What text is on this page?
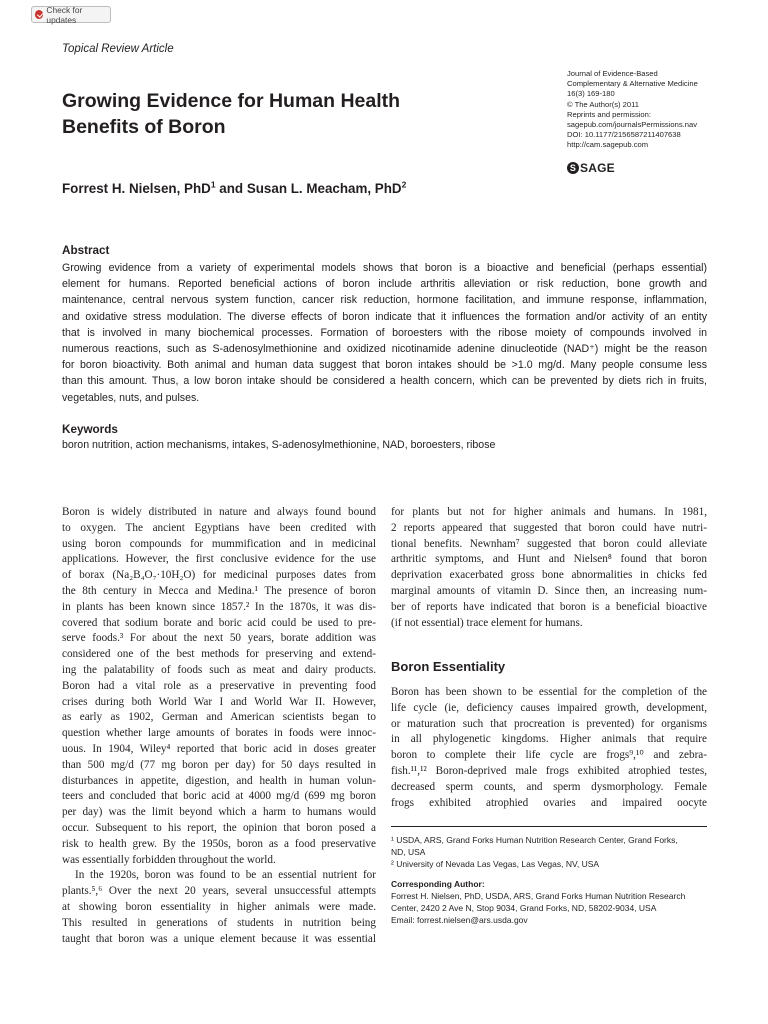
Check for updates
Topical Review Article
Growing Evidence for Human Health
Benefits of Boron
Journal of Evidence-Based
Complementary & Alternative Medicine
16(3) 169-180
© The Author(s) 2011
Reprints and permission:
sagepub.com/journalsPermissions.nav
DOI: 10.1177/2156587211407638
http://cam.sagepub.com
S SAGE
Forrest H. Nielsen, PhD$^1$ and Susan L. Meacham, PhD$^2$
Abstract
Growing evidence from a variety of experimental models shows that boron is a bioactive and beneficial (perhaps essential)
element for humans. Reported beneficial actions of boron include arthritis alleviation or risk reduction, bone growth and
maintenance, central nervous system function, cancer risk reduction, hormone facilitation, and immune response, inflammation,
and oxidative stress modulation. The diverse effects of boron indicate that it influences the formation and/or activity of an entity
that is involved in many biochemical processes. Formation of boroesters with the ribose moiety of compounds involved in
numerous reactions, such as S-adenosylmethionine and oxidized nicotinamide adenine dinucleotide (NAD⁺) might be the reason
for boron bioactivity. Both animal and human data suggest that boron intakes should be >1.0 mg/d. Many people consume less
than this amount. Thus, a low boron intake should be considered a health concern, which can be prevented by diets rich in fruits,
vegetables, nuts, and pulses.
Keywords
boron nutrition, action mechanisms, intakes, S-adenosylmethionine, NAD, boroesters, ribose
Boron is widely distributed in nature and always found bound
to oxygen. The ancient Egyptians have been credited with
using boron compounds for mummification and in medicinal
applications. However, the first conclusive evidence for the use
of borax (Na₂B₄O₇·10H₂O) for medicinal purposes dates from
the 8th century in Mecca and Medina.¹ The presence of boron
in plants has been known since 1857.² In the 1870s, it was dis-
covered that sodium borate and boric acid could be used to pre-
serve foods.³ For about the next 50 years, borate addition was
considered one of the best methods for preserving and extend-
ing the palatability of foods such as meat and dairy products.
Boron had a vital role as a preservative in preventing food
crises during both World War I and World War II. However,
as early as 1902, German and American scientists began to
question whether large amounts of borates in foods were innoc-
uous. In 1904, Wiley⁴ reported that boric acid in doses greater
than 500 mg/d (77 mg boron per day) for 50 days resulted in
disturbances in appetite, digestion, and health in human volun-
teers and concluded that boric acid at 4000 mg/d (699 mg boron
per day) was the limit beyond which a harm to humans would
occur. Subsequent to his report, the opinion that boron posed a
risk to health grew. By the 1950s, boron as a food preservative
was essentially forbidden throughout the world.
In the 1920s, boron was found to be an essential nutrient for
plants.⁵,⁶ Over the next 20 years, several unsuccessful attempts
at showing boron essentiality in higher animals were made.
This resulted in generations of students in nutrition being
taught that boron was a unique element because it was essential
for plants but not for higher animals and humans. In 1981,
2 reports appeared that suggested that boron could have nutri-
tional benefits. Newnham⁷ suggested that boron could alleviate
arthritic symptoms, and Hunt and Nielsen⁸ found that boron
deprivation exacerbated gross bone abnormalities in chicks fed
marginal amounts of vitamin D. Since then, an increasing num-
ber of reports have indicated that boron is a beneficial bioactive
(if not essential) trace element for humans.
Boron Essentiality
Boron has been shown to be essential for the completion of the
life cycle (ie, deficiency causes impaired growth, development,
or maturation such that procreation is prevented) for organisms
in all phylogenetic kingdoms. Higher animals that require
boron to complete their life cycle are frogs⁹,¹⁰ and zebra-
fish.¹¹,¹² Boron-deprived male frogs exhibited atrophied testes,
decreased sperm counts, and sperm dysmorphology. Female
frogs exhibited atrophied ovaries and impaired oocyte
¹ USDA, ARS, Grand Forks Human Nutrition Research Center, Grand Forks,
ND, USA
² University of Nevada Las Vegas, Las Vegas, NV, USA
Corresponding Author:
Forrest H. Nielsen, PhD, USDA, ARS, Grand Forks Human Nutrition Research
Center, 2420 2 Ave N, Stop 9034, Grand Forks, ND, 58202-9034, USA
Email: forrest.nielsen@ars.usda.gov
